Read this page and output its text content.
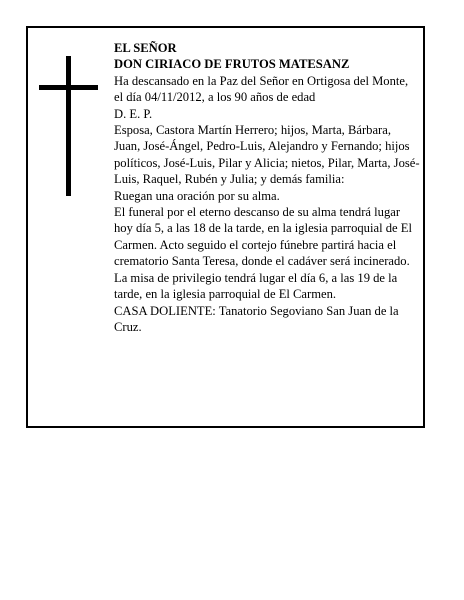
EL SEÑOR

DON CIRIACO DE FRUTOS MATESANZ

Ha descansado en la Paz del Señor en Ortigosa del Monte, el día 04/11/2012, a los 90 años de edad

D. E. P.

Esposa, Castora Martín Herrero; hijos, Marta, Bárbara, Juan, José-Ángel, Pedro-Luis, Alejandro y Fernando; hijos políticos, José-Luis, Pilar y Alicia; nietos, Pilar, Marta, José-Luis, Raquel, Rubén y Julia; y demás familia:

Ruegan una oración por su alma.

El funeral por el eterno descanso de su alma tendrá lugar hoy día 5, a las 18 de la tarde, en la iglesia parroquial de El Carmen. Acto seguido el cortejo fúnebre partirá hacia el crematorio Santa Teresa, donde el cadáver será incinerado. La misa de privilegio tendrá lugar el día 6, a las 19 de la tarde, en la iglesia parroquial de El Carmen.

CASA DOLIENTE: Tanatorio Segoviano San Juan de la Cruz.
